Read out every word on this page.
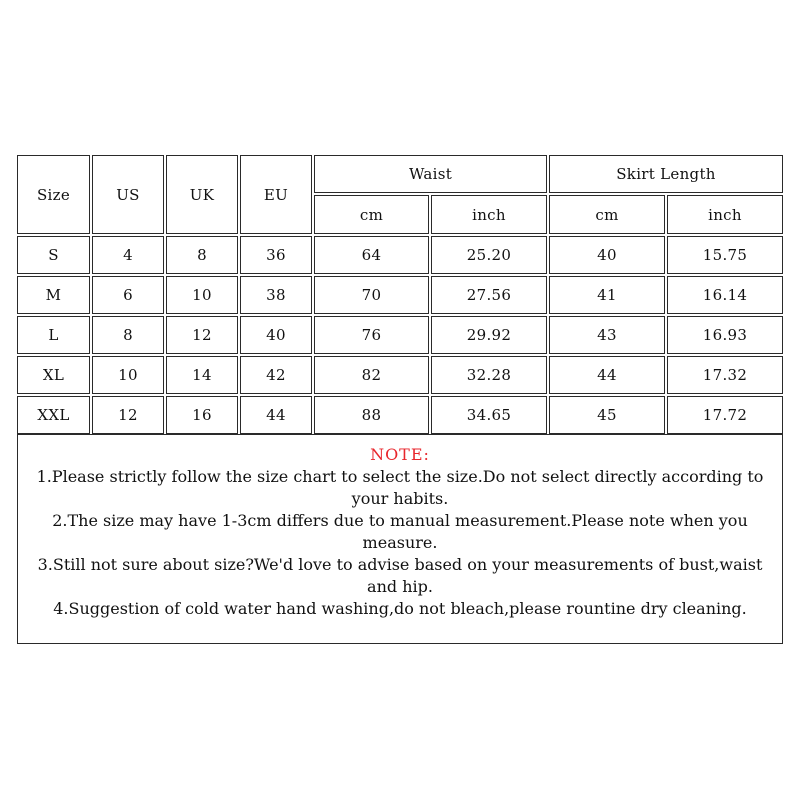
Size	US	UK	EU
Waist	Skirt Length
cm	inch	cm	inch
S	4	8	36	64	25.20	40	15.75
M	6	10	38	70	27.56	41	16.14
L	8	12	40	76	29.92	43	16.93
XL	10	14	42	82	32.28	44	17.32
XXL	12	16	44	88	34.65	45	17.72
NOTE:
1.Please strictly follow the size chart to select the size.Do not select directly according to your habits.
2.The size may have 1-3cm differs due to manual measurement.Please note when you measure.
3.Still not sure about size?We'd love to advise based on your measurements of bust,waist and hip.
4.Suggestion of cold water hand washing,do not bleach,please rountine dry cleaning.
